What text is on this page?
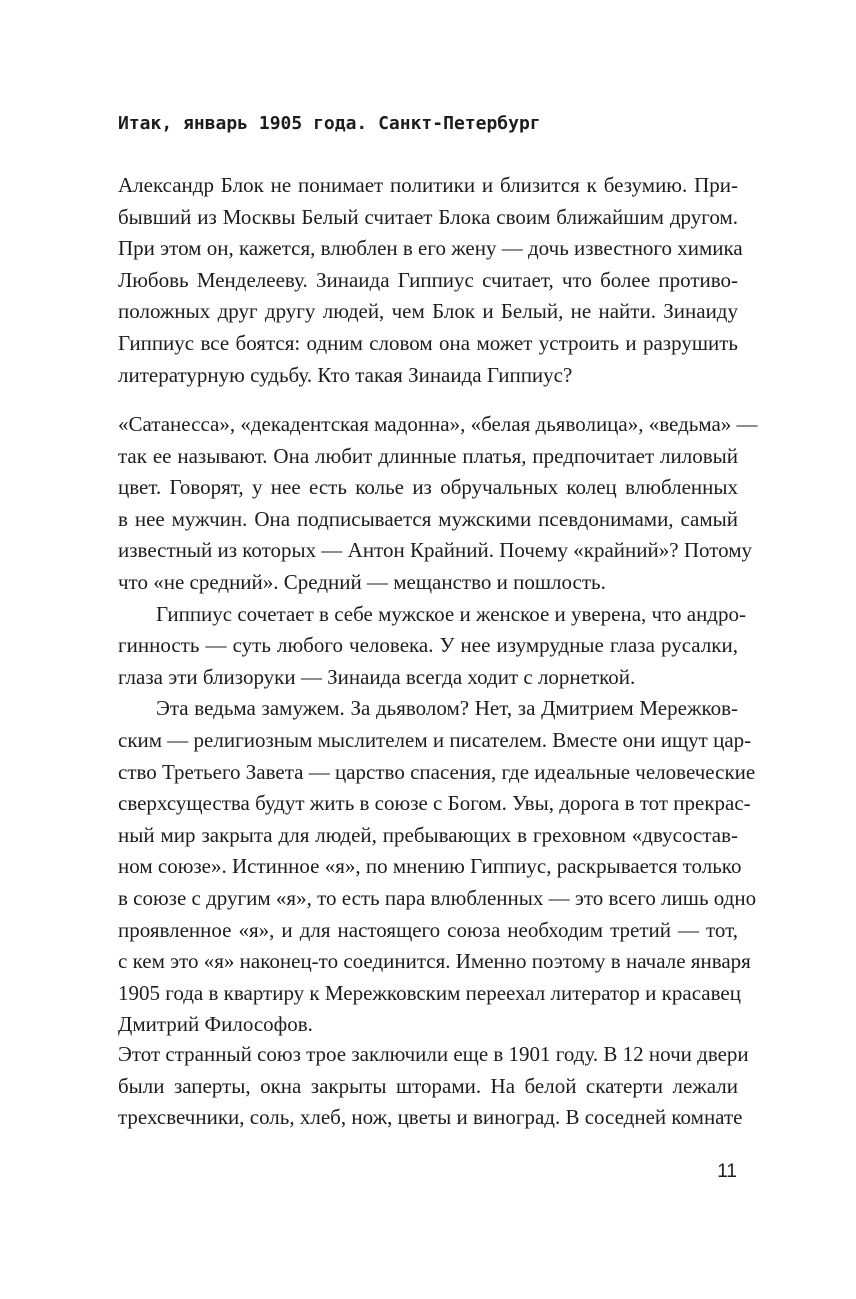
Итак, январь 1905 года. Санкт-Петербург
Александр Блок не понимает политики и близится к безумию. При-
бывший из Москвы Белый считает Блока своим ближайшим другом.
При этом он, кажется, влюблен в его жену — дочь известного химика
Любовь Менделееву. Зинаида Гиппиус считает, что более противо-
положных друг другу людей, чем Блок и Белый, не найти. Зинаиду
Гиппиус все боятся: одним словом она может устроить и разрушить
литературную судьбу. Кто такая Зинаида Гиппиус?
«Сатанесса», «декадентская мадонна», «белая дьяволица», «ведьма» —
так ее называют. Она любит длинные платья, предпочитает лиловый
цвет. Говорят, у нее есть колье из обручальных колец влюбленных
в нее мужчин. Она подписывается мужскими псевдонимами, самый
известный из которых — Антон Крайний. Почему «крайний»? Потому
что «не средний». Средний — мещанство и пошлость.
Гиппиус сочетает в себе мужское и женское и уверена, что андро-
гинность — суть любого человека. У нее изумрудные глаза русалки,
глаза эти близоруки — Зинаида всегда ходит с лорнеткой.
Эта ведьма замужем. За дьяволом? Нет, за Дмитрием Мережков-
ским — религиозным мыслителем и писателем. Вместе они ищут цар-
ство Третьего Завета — царство спасения, где идеальные человеческие
сверхсущества будут жить в союзе с Богом. Увы, дорога в тот прекрас-
ный мир закрыта для людей, пребывающих в греховном «двусостав-
ном союзе». Истинное «я», по мнению Гиппиус, раскрывается только
в союзе с другим «я», то есть пара влюбленных — это всего лишь одно
проявленное «я», и для настоящего союза необходим третий — тот,
с кем это «я» наконец-то соединится. Именно поэтому в начале января
1905 года в квартиру к Мережковским переехал литератор и красавец
Дмитрий Философов.
Этот странный союз трое заключили еще в 1901 году. В 12 ночи двери
были заперты, окна закрыты шторами. На белой скатерти лежали
трехсвечники, соль, хлеб, нож, цветы и виноград. В соседней комнате
11
